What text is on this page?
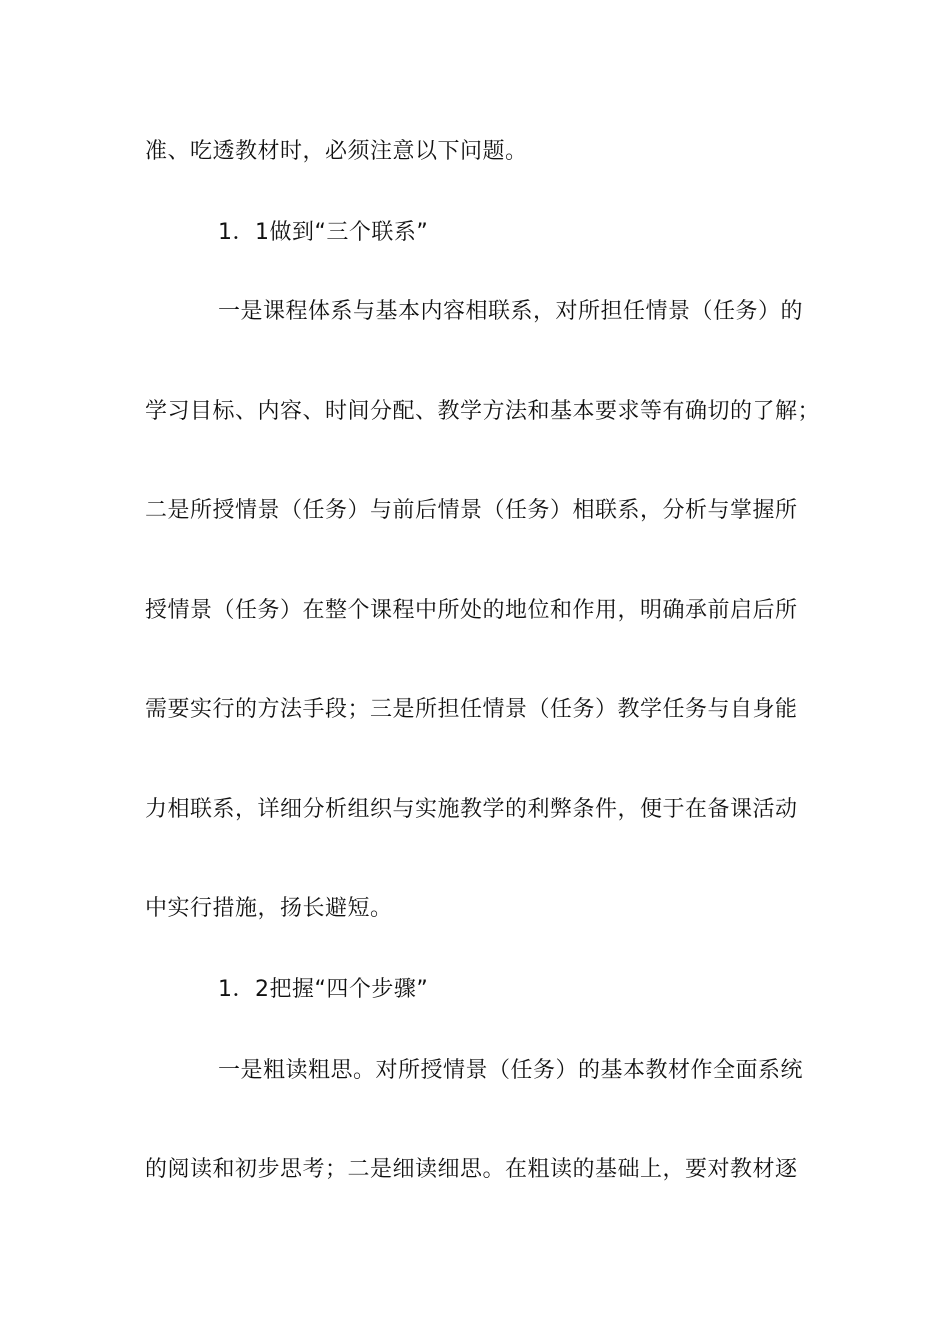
准、吃透教材时，必须注意以下问题。
1．1做到“三个联系”
一是课程体系与基本内容相联系，对所担任情景（任务）的
学习目标、内容、时间分配、教学方法和基本要求等有确切的了解；
二是所授情景（任务）与前后情景（任务）相联系，分析与掌握所
授情景（任务）在整个课程中所处的地位和作用，明确承前启后所
需要实行的方法手段；三是所担任情景（任务）教学任务与自身能
力相联系，详细分析组织与实施教学的利弊条件，便于在备课活动
中实行措施，扬长避短。
1．2把握“四个步骤”
一是粗读粗思。对所授情景（任务）的基本教材作全面系统
的阅读和初步思考；二是细读细思。在粗读的基础上，要对教材逐
